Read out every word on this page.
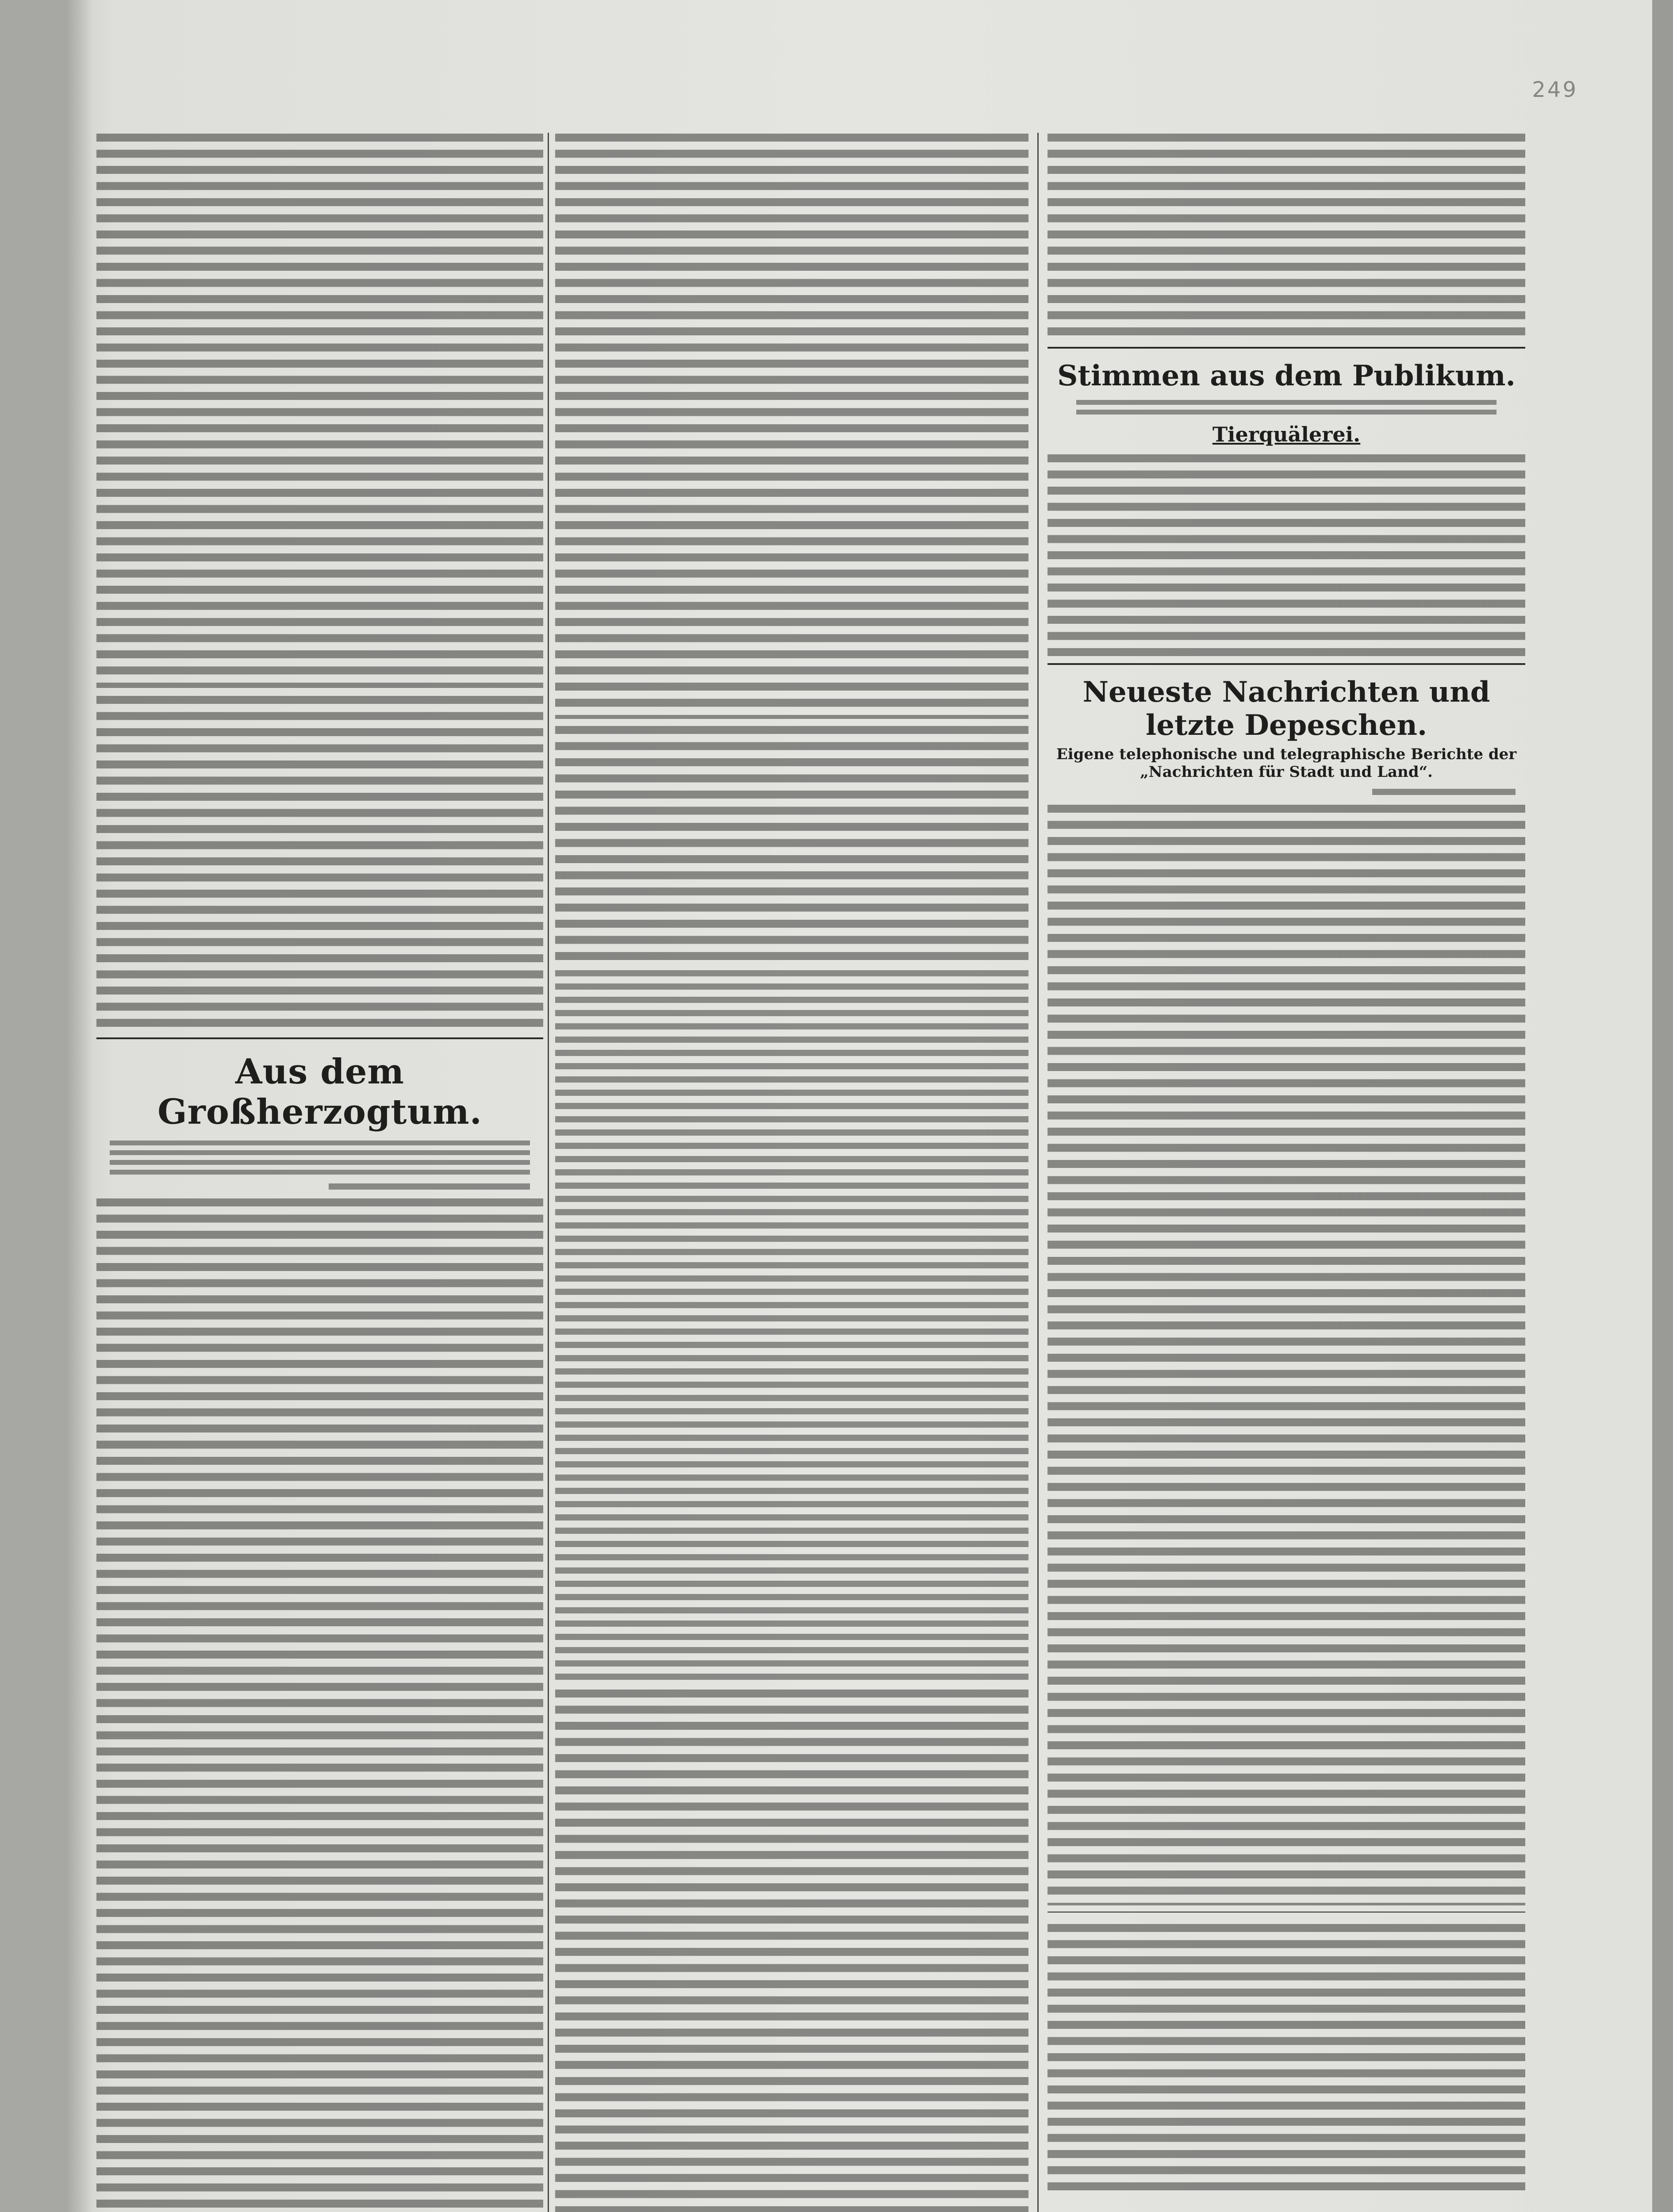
249
Aus dem Großherzogtum.
Stimmen aus dem Publikum.
Tierquälerei.
Neueste Nachrichten und letzte Depeschen.
Eigene telephonische und telegraphische Berichte der „Nachrichten für Stadt und Land“.
